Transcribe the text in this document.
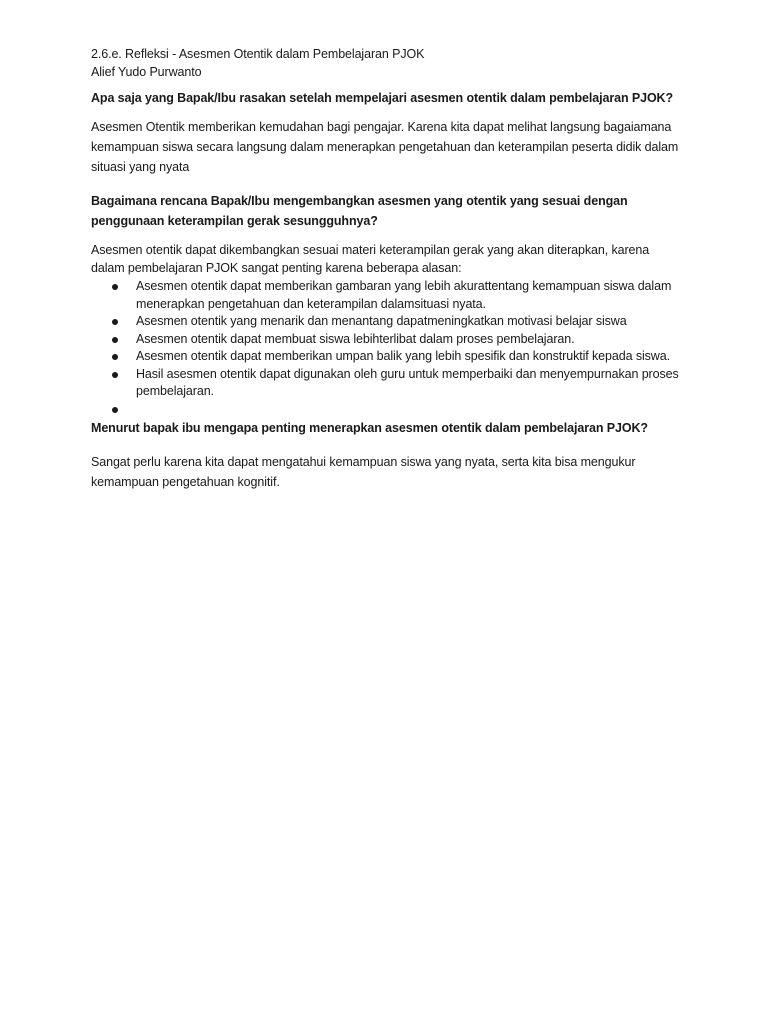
2.6.e. Refleksi - Asesmen Otentik dalam Pembelajaran PJOK
Alief Yudo Purwanto
Apa saja yang Bapak/Ibu rasakan setelah mempelajari asesmen otentik dalam pembelajaran PJOK?
Asesmen Otentik memberikan kemudahan bagi pengajar. Karena kita dapat melihat langsung bagaiamana kemampuan siswa secara langsung dalam menerapkan pengetahuan dan keterampilan peserta didik dalam situasi yang nyata
Bagaimana rencana Bapak/Ibu mengembangkan asesmen yang otentik yang sesuai dengan penggunaan keterampilan gerak sesungguhnya?
Asesmen otentik dapat dikembangkan sesuai materi keterampilan gerak yang akan diterapkan, karena dalam pembelajaran PJOK sangat penting karena beberapa alasan:
Asesmen otentik dapat memberikan gambaran yang lebih akurattentang kemampuan siswa dalam menerapkan pengetahuan dan keterampilan dalamsituasi nyata.
Asesmen otentik yang menarik dan menantang dapatmeningkatkan motivasi belajar siswa
Asesmen otentik dapat membuat siswa lebihterlibat dalam proses pembelajaran.
Asesmen otentik dapat memberikan umpan balik yang lebih spesifik dan konstruktif kepada siswa.
Hasil asesmen otentik dapat digunakan oleh guru untuk memperbaiki dan menyempurnakan proses pembelajaran.
Menurut bapak ibu mengapa penting menerapkan asesmen otentik dalam pembelajaran PJOK?
Sangat perlu karena kita dapat mengatahui kemampuan siswa yang nyata, serta kita bisa mengukur kemampuan pengetahuan kognitif.
